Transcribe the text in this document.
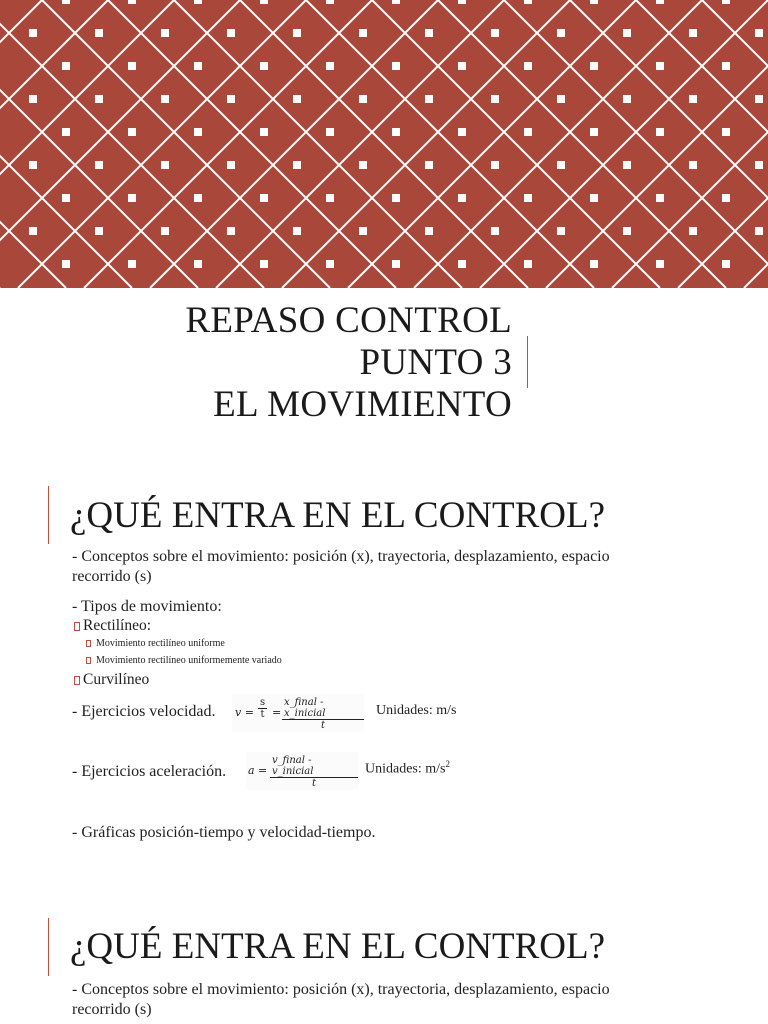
REPASO CONTROL
PUNTO 3
EL MOVIMIENTO
¿QUÉ ENTRA EN EL CONTROL?
- Conceptos sobre el movimiento: posición (x), trayectoria, desplazamiento, espacio recorrido (s)
- Tipos de movimiento:
Rectilíneo:
Movimiento rectilíneo uniforme
Movimiento rectilíneo uniformemente variado
Curvilíneo
- Ejercicios velocidad. $v = \frac{s}{t}$ =
x_final - x_inicial
t
Unidades: m/s
- Ejercicios aceleración. a =
v_final - v_inicial
t
Unidades: $m/s^2$
- Gráficas posición-tiempo y velocidad-tiempo.
¿QUÉ ENTRA EN EL CONTROL?
- Conceptos sobre el movimiento: posición (x), trayectoria, desplazamiento, espacio recorrido (s)
